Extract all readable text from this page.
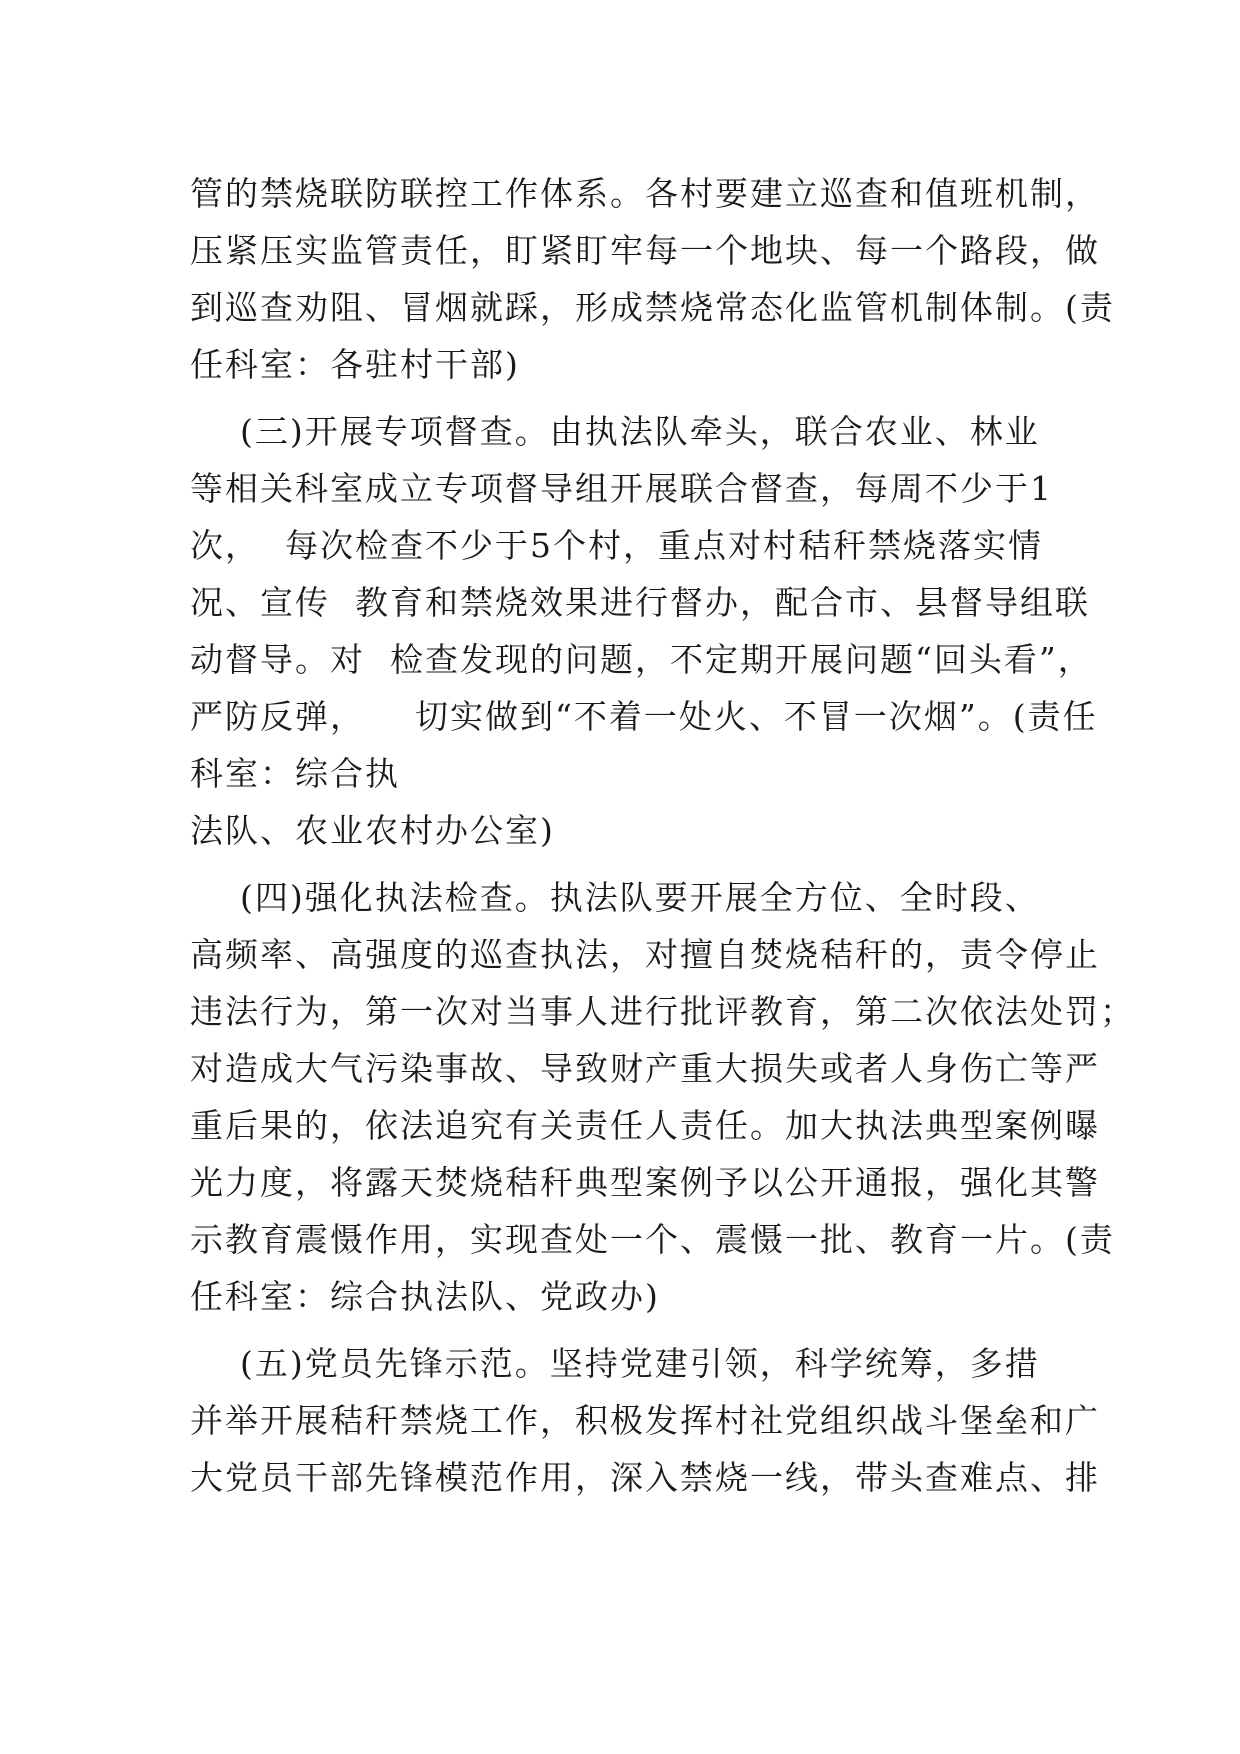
管的禁烧联防联控工作体系。各村要建立巡查和值班机制，
压紧压实监管责任，盯紧盯牢每一个地块、每一个路段，做
到巡查劝阻、冒烟就踩，形成禁烧常态化监管机制体制。(责
任科室：各驻村干部)
(三)开展专项督查。由执法队牵头，联合农业、林业
等相关科室成立专项督导组开展联合督查，每周不少于1
次，  每次检查不少于5个村，重点对村秸秆禁烧落实情
况、宣传  教育和禁烧效果进行督办，配合市、县督导组联
动督导。对  检查发现的问题，不定期开展问题“回头看”，
严防反弹，    切实做到“不着一处火、不冒一次烟”。(责任
科室：综合执
法队、农业农村办公室)
(四)强化执法检查。执法队要开展全方位、全时段、
高频率、高强度的巡查执法，对擅自焚烧秸秆的，责令停止
违法行为，第一次对当事人进行批评教育，第二次依法处罚；
对造成大气污染事故、导致财产重大损失或者人身伤亡等严
重后果的，依法追究有关责任人责任。加大执法典型案例曝
光力度，将露天焚烧秸秆典型案例予以公开通报，强化其警
示教育震慑作用，实现查处一个、震慑一批、教育一片。(责
任科室：综合执法队、党政办)
(五)党员先锋示范。坚持党建引领，科学统筹，多措
并举开展秸秆禁烧工作，积极发挥村社党组织战斗堡垒和广
大党员干部先锋模范作用，深入禁烧一线，带头查难点、排
